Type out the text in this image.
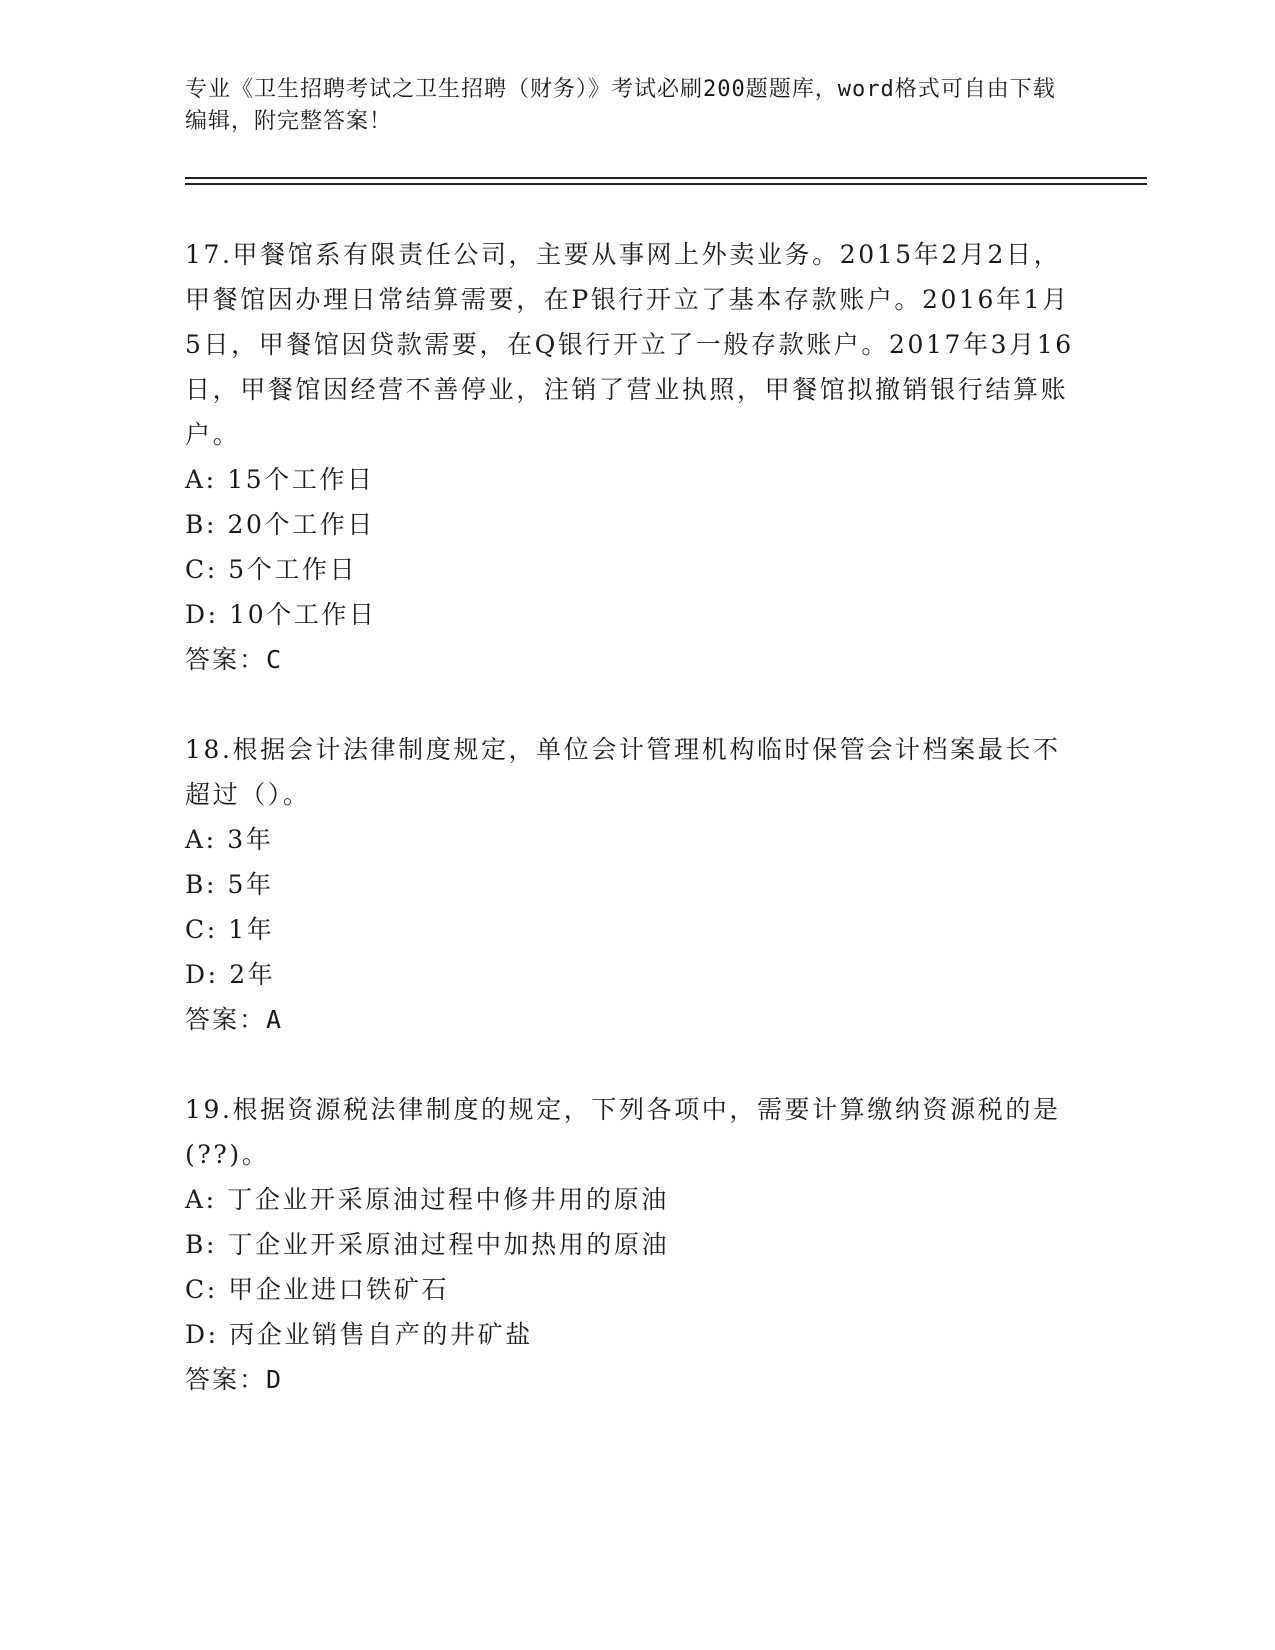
专业《卫生招聘考试之卫生招聘（财务）》考试必刷200题题库，word格式可自由下载编辑，附完整答案！

17.甲餐馆系有限责任公司，主要从事网上外卖业务。2015年2月2日，甲餐馆因办理日常结算需要，在P银行开立了基本存款账户。2016年1月5日，甲餐馆因贷款需要，在Q银行开立了一般存款账户。2017年3月16日，甲餐馆因经营不善停业，注销了营业执照，甲餐馆拟撤销银行结算账户。

A: 15个工作日

B: 20个工作日

C: 5个工作日

D: 10个工作日

答案：C

18.根据会计法律制度规定，单位会计管理机构临时保管会计档案最长不超过（）。

A: 3年

B: 5年

C: 1年

D: 2年

答案：A

19.根据资源税法律制度的规定，下列各项中，需要计算缴纳资源税的是(??)。

A: 丁企业开采原油过程中修井用的原油

B: 丁企业开采原油过程中加热用的原油

C: 甲企业进口铁矿石

D: 丙企业销售自产的井矿盐

答案：D
